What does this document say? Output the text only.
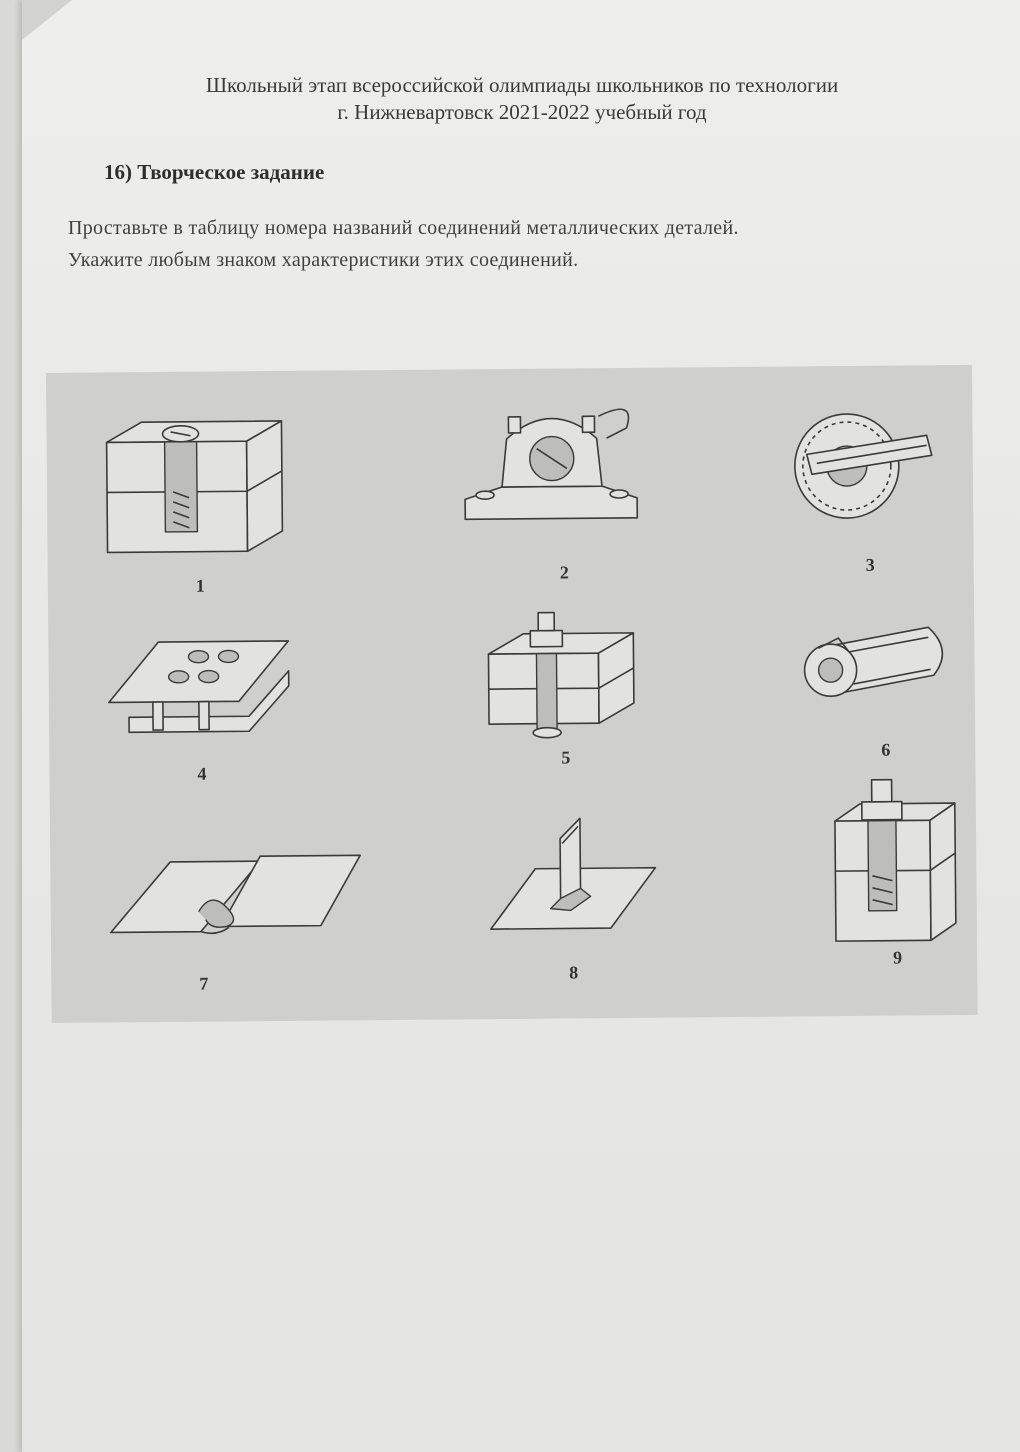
Школьный этап всероссийской олимпиады школьников по технологии
г. Нижневартовск 2021-2022 учебный год
16) Творческое задание
Проставьте в таблицу номера названий соединений металлических деталей.
Укажите любым знаком характеристики этих соединений.
1
2	3
4
5	6
7
8
9
